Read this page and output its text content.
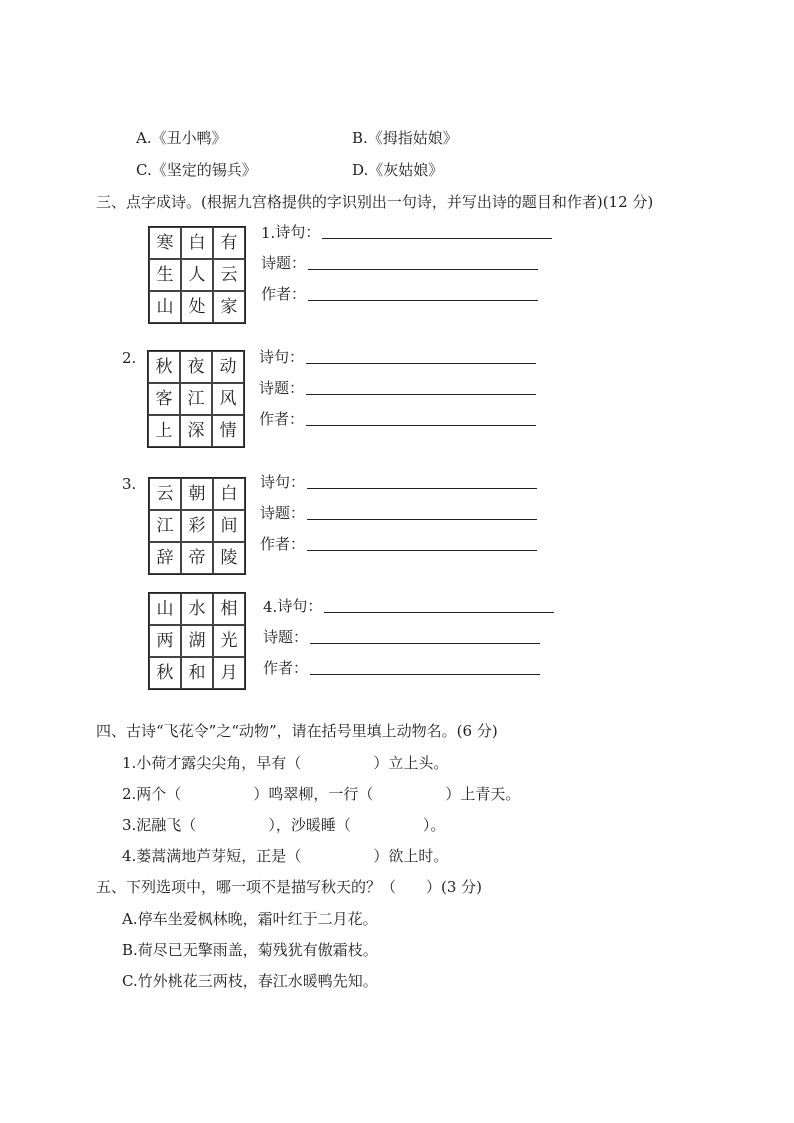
A.《丑小鸭》	B.《拇指姑娘》
C.《坚定的锡兵》	D.《灰姑娘》
三、点字成诗。(根据九宫格提供的字识别出一句诗，并写出诗的题目和作者)(12 分)
寒 白 有
生 人 云
山 处 家
1. 诗句：
诗题：
作者：
2.	秋 夜 动
客 江 风
上 深 情
诗句：
诗题：
作者：
3.	云 朝 白
江 彩 间
辞 帝 陵
诗句：
诗题：
作者：
山 水 相
两 湖 光
秋 和 月
4. 诗句：
诗题：
作者：
四、古诗“飞花令”之“动物”，请在括号里填上动物名。(6 分)
1.小荷才露尖尖角，早有（	）立上头。
2.两个（	）鸣翠柳，一行（	）上青天。
3.泥融飞（	），沙暖睡（	）。
4.蒌蒿满地芦芽短，正是（	）欲上时。
五、下列选项中，哪一项不是描写秋天的？（　　）(3 分)
A.停车坐爱枫林晚，霜叶红于二月花。
B.荷尽已无擎雨盖，菊残犹有傲霜枝。
C.竹外桃花三两枝，春江水暖鸭先知。
